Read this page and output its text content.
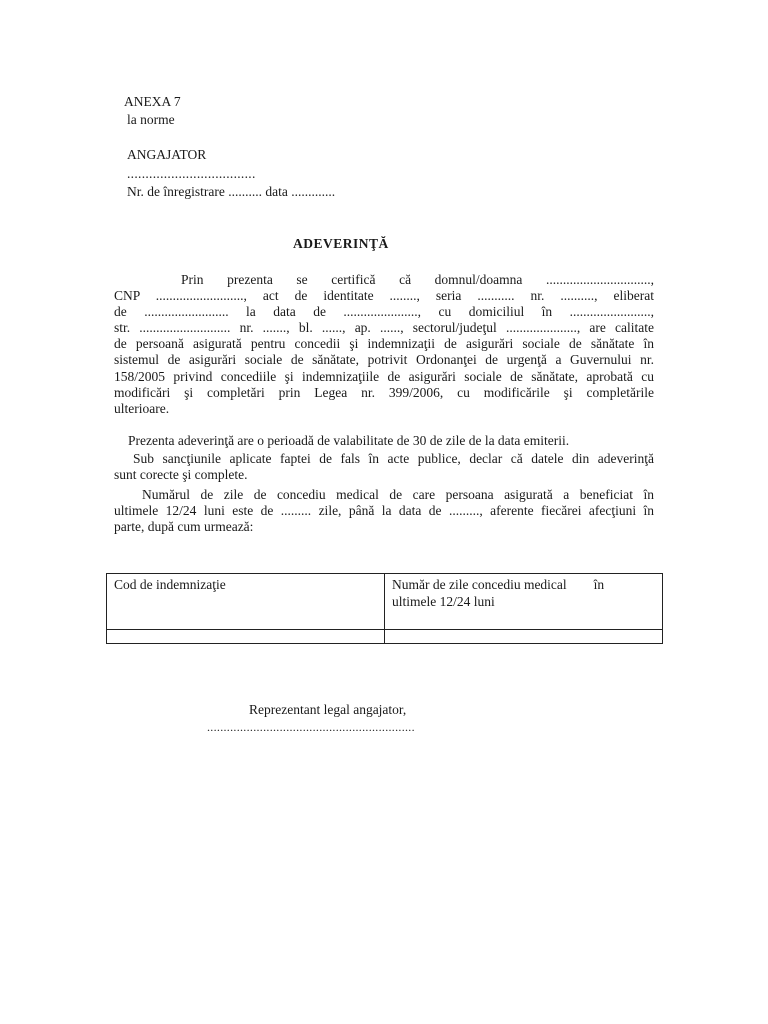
ANEXA 7
la norme
ANGAJATOR
...................................
Nr. de înregistrare .......... data .............
ADEVERINŢĂ
Prin prezenta se certifică că domnul/doamna ...............................,
CNP .........................., act de identitate ........, seria ........... nr. .........., eliberat
de ......................... la data de ......................, cu domiciliul în ........................,
str. ........................... nr. ......., bl. ......, ap. ......, sectorul/judeţul ....................., are calitate
de persoană asigurată pentru concedii şi indemnizaţii de asigurări sociale de sănătate în
sistemul de asigurări sociale de sănătate, potrivit Ordonanţei de urgenţă a Guvernului nr.
158/2005 privind concediile şi indemnizaţiile de asigurări sociale de sănătate, aprobată cu
modificări şi completări prin Legea nr. 399/2006, cu modificările şi completările
ulterioare.
Prezenta adeverinţă are o perioadă de valabilitate de 30 de zile de la data emiterii.
Sub sancţiunile aplicate faptei de fals în acte publice, declar că datele din adeverinţă
sunt corecte şi complete.
Numărul de zile de concediu medical de care persoana asigurată a beneficiat în
ultimele 12/24 luni este de ......... zile, până la data de ........., aferente fiecărei afecţiuni în
parte, după cum urmează:
Cod de indemnizaţie	Număr de zile concediu medical        în
ultimele 12/24 luni

Reprezentant legal angajator,
...............................................................
